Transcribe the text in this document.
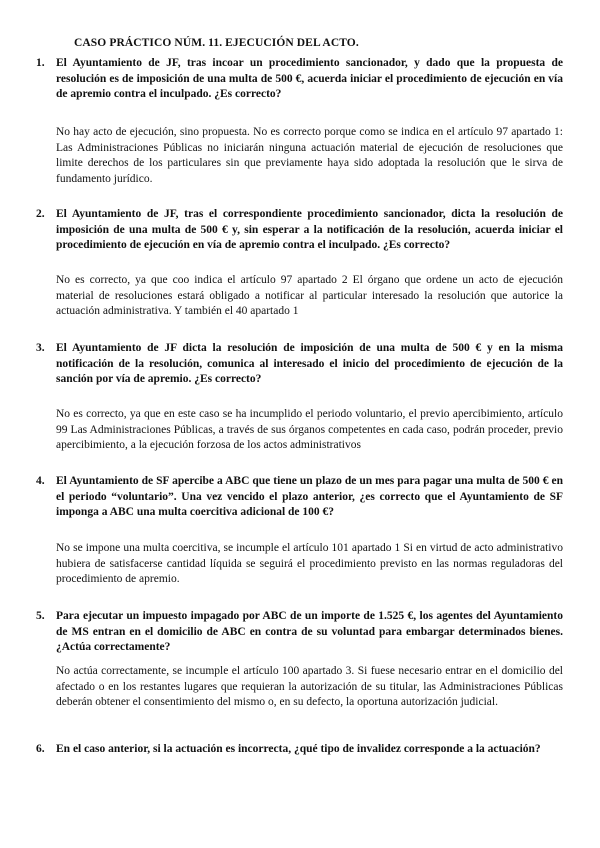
CASO PRÁCTICO NÚM. 11. EJECUCIÓN DEL ACTO.
1. El Ayuntamiento de JF, tras incoar un procedimiento sancionador, y dado que la propuesta de resolución es de imposición de una multa de 500 €, acuerda iniciar el procedimiento de ejecución en vía de apremio contra el inculpado. ¿Es correcto?
No hay acto de ejecución, sino propuesta. No es correcto porque como se indica en el artículo 97 apartado 1: Las Administraciones Públicas no iniciarán ninguna actuación material de ejecución de resoluciones que limite derechos de los particulares sin que previamente haya sido adoptada la resolución que le sirva de fundamento jurídico.
2. El Ayuntamiento de JF, tras el correspondiente procedimiento sancionador, dicta la resolución de imposición de una multa de 500 € y, sin esperar a la notificación de la resolución, acuerda iniciar el procedimiento de ejecución en vía de apremio contra el inculpado. ¿Es correcto?
No es correcto, ya que coo indica el artículo 97 apartado 2 El órgano que ordene un acto de ejecución material de resoluciones estará obligado a notificar al particular interesado la resolución que autorice la actuación administrativa. Y también el 40 apartado 1
3. El Ayuntamiento de JF dicta la resolución de imposición de una multa de 500 € y en la misma notificación de la resolución, comunica al interesado el inicio del procedimiento de ejecución de la sanción por vía de apremio. ¿Es correcto?
No es correcto, ya que en este caso se ha incumplido el periodo voluntario, el previo apercibimiento, artículo 99 Las Administraciones Públicas, a través de sus órganos competentes en cada caso, podrán proceder, previo apercibimiento, a la ejecución forzosa de los actos administrativos
4. El Ayuntamiento de SF apercibe a ABC que tiene un plazo de un mes para pagar una multa de 500 € en el periodo “voluntario”. Una vez vencido el plazo anterior, ¿es correcto que el Ayuntamiento de SF imponga a ABC una multa coercitiva adicional de 100 €?
No se impone una multa coercitiva, se incumple el artículo 101 apartado 1 Si en virtud de acto administrativo hubiera de satisfacerse cantidad líquida se seguirá el procedimiento previsto en las normas reguladoras del procedimiento de apremio.
5. Para ejecutar un impuesto impagado por ABC de un importe de 1.525 €, los agentes del Ayuntamiento de MS entran en el domicilio de ABC en contra de su voluntad para embargar determinados bienes. ¿Actúa correctamente?
No actúa correctamente, se incumple el artículo 100 apartado 3. Si fuese necesario entrar en el domicilio del afectado o en los restantes lugares que requieran la autorización de su titular, las Administraciones Públicas deberán obtener el consentimiento del mismo o, en su defecto, la oportuna autorización judicial.
6. En el caso anterior, si la actuación es incorrecta, ¿qué tipo de invalidez corresponde a la actuación?
